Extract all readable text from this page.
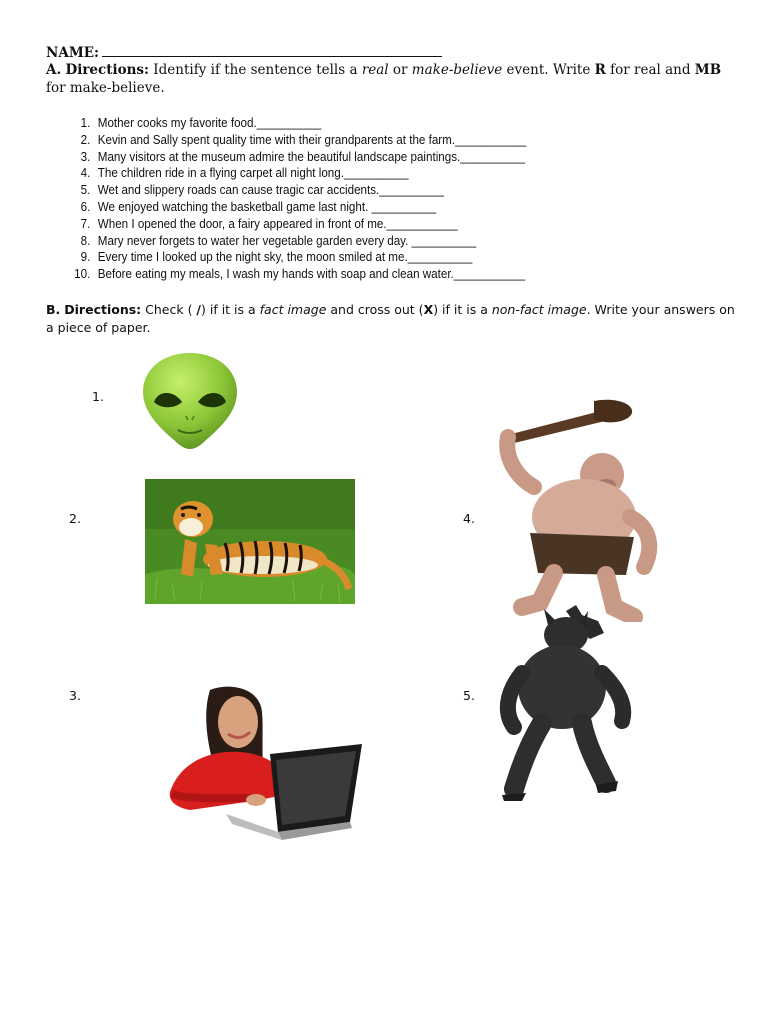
NAME:
A. Directions: Identify if the sentence tells a real or make-believe event. Write R for real and MB for make-believe.
1. Mother cooks my favorite food.__________
2. Kevin and Sally spent quality time with their grandparents at the farm.___________
3. Many visitors at the museum admire the beautiful landscape paintings.__________
4. The children ride in a flying carpet all night long.__________
5. Wet and slippery roads can cause tragic car accidents.__________
6. We enjoyed watching the basketball game last night. __________
7. When I opened the door, a fairy appeared in front of me.___________
8. Mary never forgets to water her vegetable garden every day. __________
9. Every time I looked up the night sky, the moon smiled at me.__________
10. Before eating my meals, I wash my hands with soap and clean water.___________
B. Directions: Check ( /) if it is a fact image and cross out (X) if it is a non-fact image. Write your answers on a piece of paper.
1.
2.
3.
4.
5.
